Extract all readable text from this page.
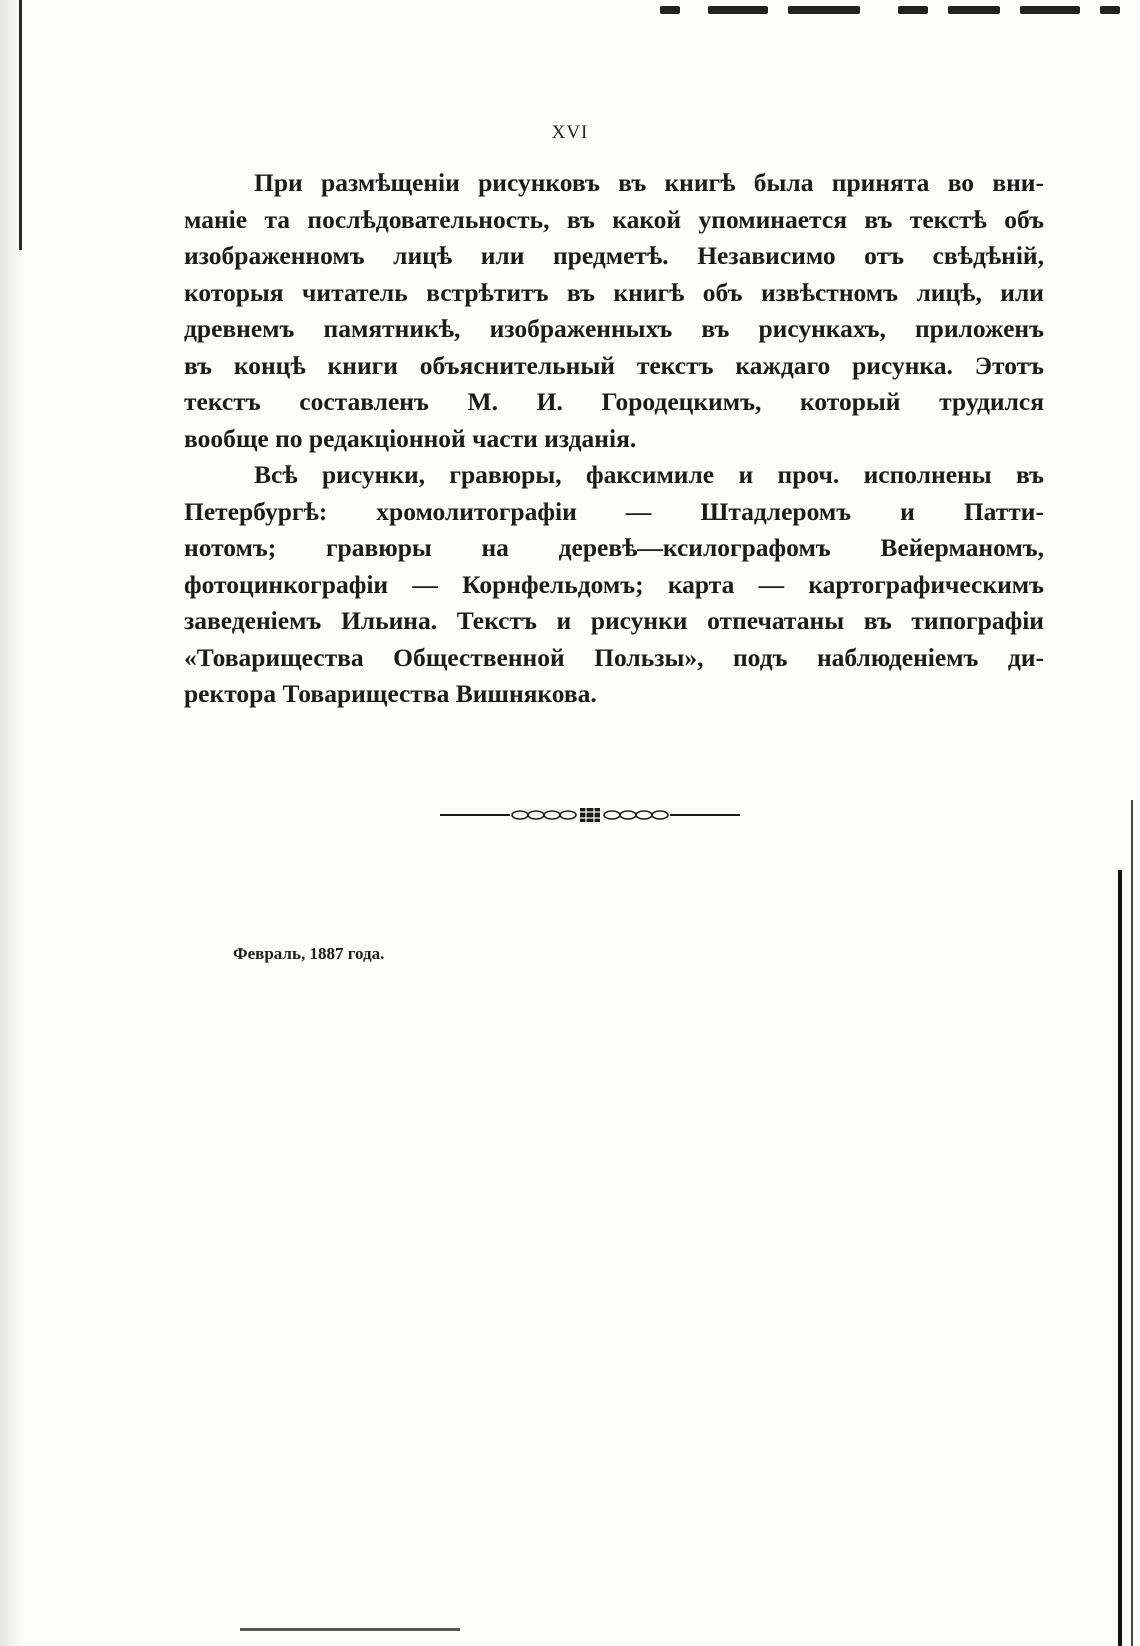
XVI
При размѣщеніи рисунковъ въ книгѣ была принята во вни-
маніе та послѣдовательность, въ какой упоминается въ текстѣ объ
изображенномъ лицѣ или предметѣ. Независимо отъ свѣдѣній,
которыя читатель встрѣтитъ въ книгѣ объ извѣстномъ лицѣ, или
древнемъ памятникѣ, изображенныхъ въ рисункахъ, приложенъ
въ концѣ книги объяснительный текстъ каждаго рисунка. Этотъ
текстъ составленъ М. И. Городецкимъ, который трудился
вообще по редакціонной части изданія.
Всѣ рисунки, гравюры, факсимиле и проч. исполнены въ
Петербургѣ: хромолитографіи — Штадлеромъ и Патти-
нотомъ; гравюры на деревѣ—ксилографомъ Вейерманомъ,
фотоцинкографіи — Корнфельдомъ; карта — картографическимъ
заведеніемъ Ильина. Текстъ и рисунки отпечатаны въ типографіи
«Товарищества Общественной Пользы», подъ наблюденіемъ ди-
ректора Товарищества Вишнякова.
Февраль, 1887 года.
